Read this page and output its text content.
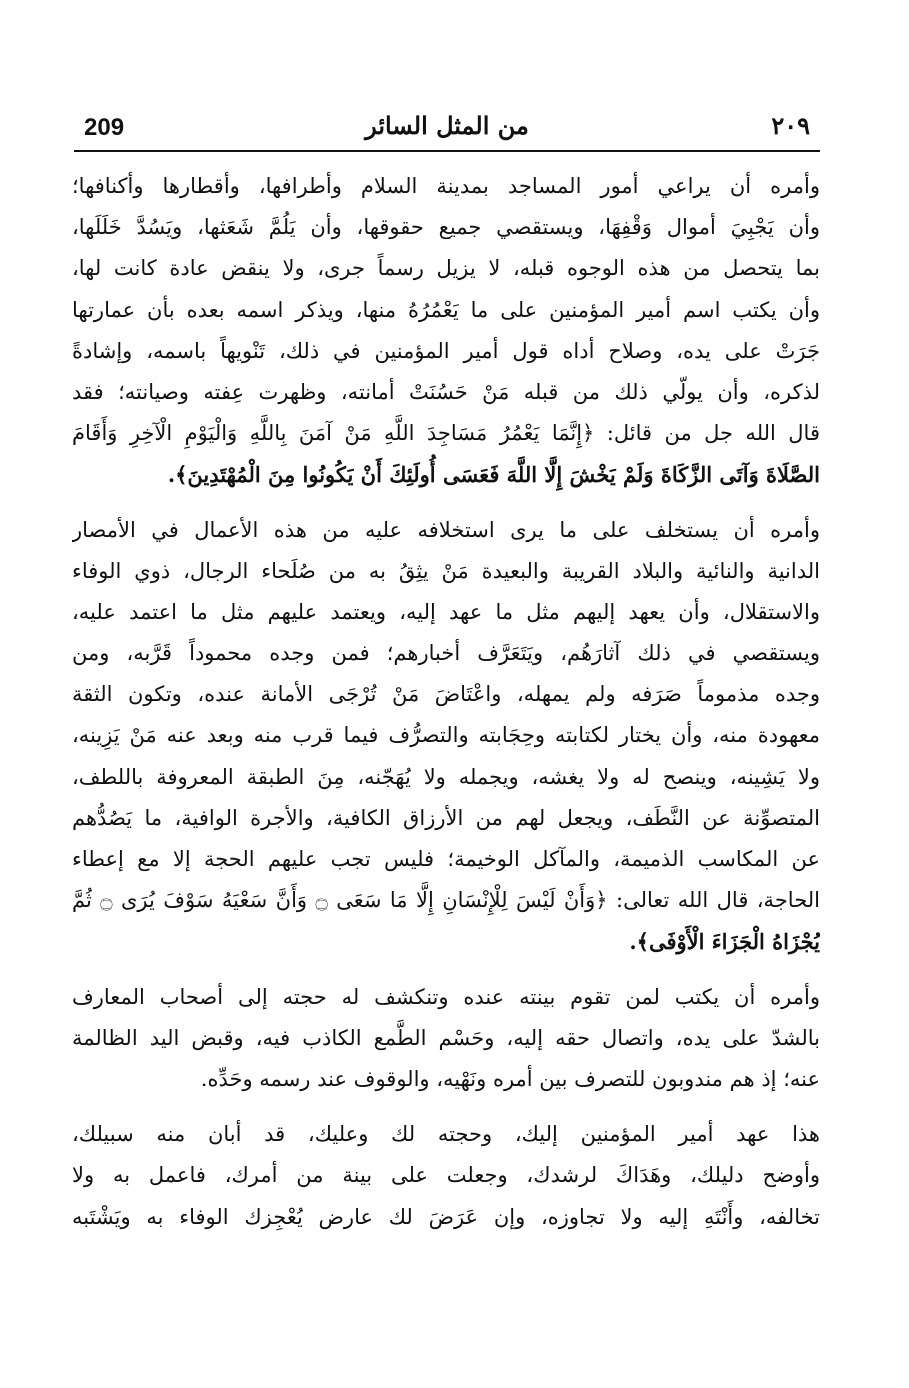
209	من المثل السائر	٢٠٩
وأمره أن يراعي أمور المساجد بمدينة السلام وأطرافها، وأقطارها وأكنافها؛
وأن يَجْبِيَ أموال وَقْفِهَا، ويستقصي جميع حقوقها، وأن يَلُمَّ شَعَثها، ويَسُدَّ خَلَلَها،
بما يتحصل من هذه الوجوه قبله، لا يزيل رسماً جرى، ولا ينقض عادة كانت لها،
وأن يكتب اسم أمير المؤمنين على ما يَعْمُرُهُ منها، ويذكر اسمه بعده بأن عمارتها
جَرَتْ على يده، وصلاح أداه قول أمير المؤمنين في ذلك، تَنْويهاً باسمه، وإشادةً
لذكره، وأن يولّي ذلك من قبله مَنْ حَسُنَتْ أمانته، وظهرت عِفته وصيانته؛ فقد
قال الله جل من قائل: ﴿إِنَّمَا يَعْمُرُ مَسَاجِدَ اللَّهِ مَنْ آمَنَ بِاللَّهِ وَالْيَوْمِ الْآخِرِ وَأَقَامَ
الصَّلَاةَ وَآتَى الزَّكَاةَ وَلَمْ يَخْشَ إِلَّا اللَّهَ فَعَسَى أُولَئِكَ أَنْ يَكُونُوا مِنَ الْمُهْتَدِينَ﴾.
وأمره أن يستخلف على ما يرى استخلافه عليه من هذه الأعمال في الأمصار
الدانية والنائية والبلاد القريبة والبعيدة مَنْ يثِقُ به من صُلَحاء الرجال، ذوي الوفاء
والاستقلال، وأن يعهد إليهم مثل ما عهد إليه، ويعتمد عليهم مثل ما اعتمد عليه،
ويستقصي في ذلك آثارَهُم، ويَتَعَرَّف أخبارهم؛ فمن وجده محموداً قَرَّبه، ومن
وجده مذموماً صَرَفه ولم يمهله، واعْتَاضَ مَنْ تُرْجَى الأمانة عنده، وتكون الثقة
معهودة منه، وأن يختار لكتابته وحِجَابته والتصرُّف فيما قرب منه وبعد عنه مَنْ يَزِينه،
ولا يَشِينه، وينصح له ولا يغشه، ويجمله ولا يُهَجّنه، مِنَ الطبقة المعروفة باللطف،
المتصوِّنة عن النَّطَف، ويجعل لهم من الأرزاق الكافية، والأجرة الوافية، ما يَصُدُّهم
عن المكاسب الذميمة، والمآكل الوخيمة؛ فليس تجب عليهم الحجة إلا مع إعطاء
الحاجة، قال الله تعالى: ﴿وَأَنْ لَيْسَ لِلْإِنْسَانِ إِلَّا مَا سَعَى ۝ وَأَنَّ سَعْيَهُ سَوْفَ يُرَى ۝ ثُمَّ
يُجْزَاهُ الْجَزَاءَ الْأَوْفَى﴾.
وأمره أن يكتب لمن تقوم بينته عنده وتنكشف له حجته إلى أصحاب المعارف
بالشدّ على يده، واتصال حقه إليه، وحَسْم الطَّمع الكاذب فيه، وقبض اليد الظالمة
عنه؛ إذ هم مندوبون للتصرف بين أمره ونَهْيه، والوقوف عند رسمه وحَدِّه.
هذا عهد أمير المؤمنين إليك، وحجته لك وعليك، قد أبان منه سبيلك،
وأوضح دليلك، وهَدَاكَ لرشدك، وجعلت على بينة من أمرك، فاعمل به ولا
تخالفه، وأَنْتَهِ إليه ولا تجاوزه، وإن عَرَضَ لك عارض يُعْجِزك الوفاء به ويَشْتَبه
